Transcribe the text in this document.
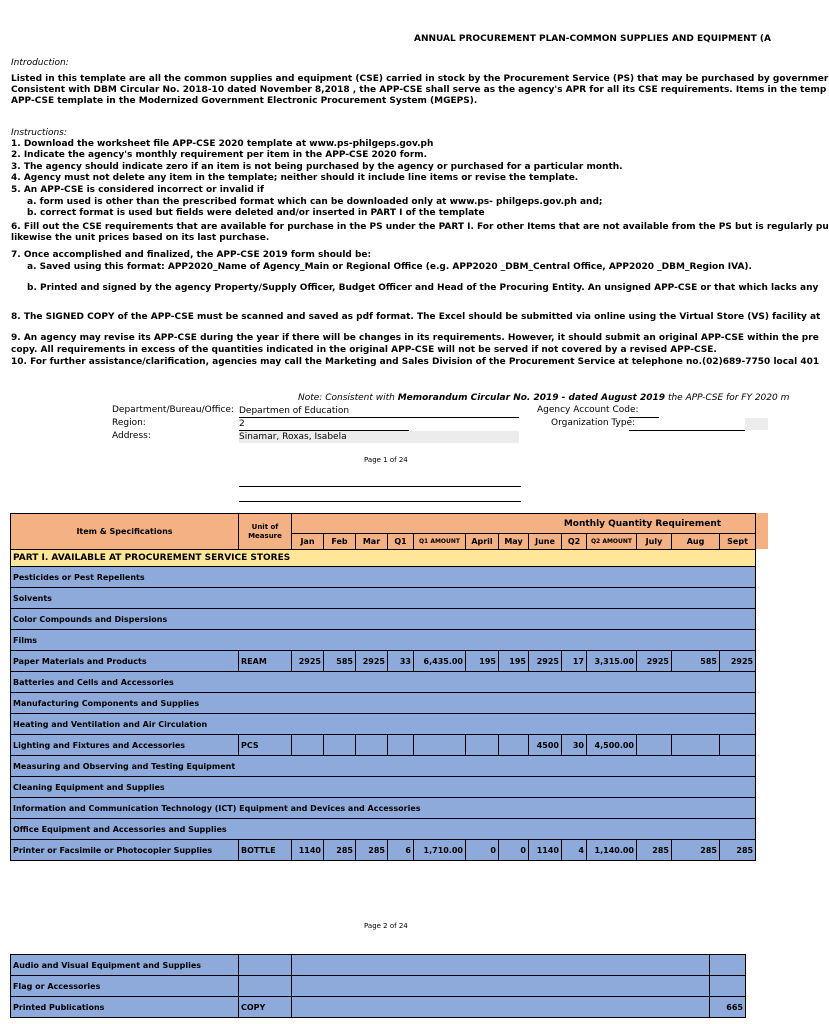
ANNUAL PROCUREMENT PLAN-COMMON SUPPLIES AND EQUIPMENT (A
Introduction:
Listed in this template are all the common supplies and equipment (CSE) carried in stock by the Procurement Service (PS) that may be purchased by governmer
Consistent with DBM Circular No. 2018-10 dated November 8,2018 , the APP-CSE shall serve as the agency's APR for all its CSE requirements. Items in the temp
APP-CSE template in the Modernized Government Electronic Procurement System (MGEPS).
Instructions:
1. Download the worksheet file APP-CSE 2020 template at www.ps-philgeps.gov.ph
2. Indicate the agency's monthly requirement per item in the APP-CSE 2020 form.
3. The agency should indicate zero if an item is not being purchased by the agency or purchased for a particular month.
4. Agency must not delete any item in the template; neither should it include line items or revise the template.
5. An APP-CSE is considered incorrect or invalid if
a. form used is other than the prescribed format which can be downloaded only at www.ps- philgeps.gov.ph and;
b. correct format is used but fields were deleted and/or inserted in PART I of the template
6. Fill out the CSE requirements that are available for purchase in the PS under the PART I. For other Items that are not available from the PS but is regularly pu
likewise the unit prices based on its last purchase.
7. Once accomplished and finalized, the APP-CSE 2019 form should be:
a. Saved using this format: APP2020_Name of Agency_Main or Regional Office (e.g. APP2020 _DBM_Central Office, APP2020 _DBM_Region IVA).
b. Printed and signed by the agency Property/Supply Officer, Budget Officer and Head of the Procuring Entity. An unsigned APP-CSE or that which lacks any
8. The SIGNED COPY of the APP-CSE must be scanned and saved as pdf format. The Excel should be submitted via online using the Virtual Store (VS) facility at
9. An agency may revise its APP-CSE during the year if there will be changes in its requirements. However, it should submit an original APP-CSE within the pre
copy. All requirements in excess of the quantities indicated in the original APP-CSE will not be served if not covered by a revised APP-CSE.
10. For further assistance/clarification, agencies may call the Marketing and Sales Division of the Procurement Service at telephone no.(02)689-7750 local 401
Note: Consistent with Memorandum Circular No. 2019 - dated August 2019 the APP-CSE for FY 2020 m
Department/Bureau/Office: Departmen of Education
Region:	2
Address:	Sinamar, Roxas, Isabela
Agency Account Code:
Organization Type:
Page 1 of 24
Item & Specifications	Unit of Measure	Monthly Quantity Requirement												
		Jan	Feb	Mar	Q1	Q1 AMOUNT	April	May	June	Q2	Q2 AMOUNT	July	Aug	Sept
PART I. AVAILABLE AT PROCUREMENT SERVICE STORES														
Pesticides or Pest Repellents														
Solvents														
Color Compounds and Dispersions														
Films														
Paper Materials and Products	REAM	2925	585	2925	33	6,435.00	195	195	2925	17	3,315.00	2925	585	2925
Batteries and Cells and Accessories														
Manufacturing Components and Supplies														
Heating and Ventilation and Air Circulation														
Lighting and Fixtures and Accessories	PCS								4500	30	4,500.00			
Measuring and Observing and Testing Equipment														
Cleaning Equipment and Supplies														
Information and Communication Technology (ICT) Equipment and Devices and Accessories														
Office Equipment and Accessories and Supplies														
Printer or Facsimile or Photocopier Supplies	BOTTLE	1140	285	285	6	1,710.00	0	0	1140	4	1,140.00	285	285	285
Page 2 of 24
Audio and Visual Equipment and Supplies			
Flag or Accessories			
Printed Publications	COPY		665
